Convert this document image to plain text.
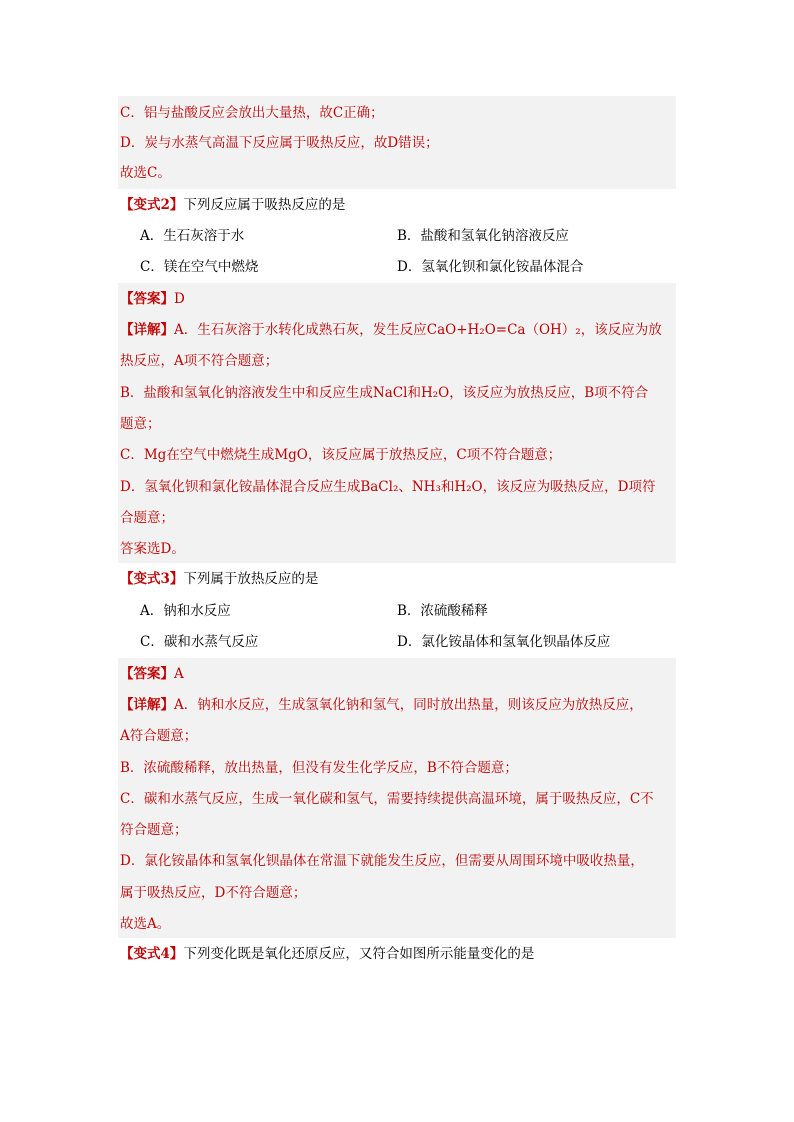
C．铝与盐酸反应会放出大量热，故C正确；
D．炭与水蒸气高温下反应属于吸热反应，故D错误；
故选C。
【变式2】下列反应属于吸热反应的是
A．生石灰溶于水	B．盐酸和氢氧化钠溶液反应
C．镁在空气中燃烧	D．氢氧化钡和氯化铵晶体混合
【答案】D
【详解】A．生石灰溶于水转化成熟石灰，发生反应CaO+H₂O=Ca（OH）₂，该反应为放
热反应，A项不符合题意；
B．盐酸和氢氧化钠溶液发生中和反应生成NaCl和H₂O，该反应为放热反应，B项不符合
题意；
C．Mg在空气中燃烧生成MgO，该反应属于放热反应，C项不符合题意；
D．氢氧化钡和氯化铵晶体混合反应生成BaCl₂、NH₃和H₂O，该反应为吸热反应，D项符
合题意；
答案选D。
【变式3】下列属于放热反应的是
A．钠和水反应	B．浓硫酸稀释
C．碳和水蒸气反应	D．氯化铵晶体和氢氧化钡晶体反应
【答案】A
【详解】A．钠和水反应，生成氢氧化钠和氢气，同时放出热量，则该反应为放热反应，
A符合题意；
B．浓硫酸稀释，放出热量，但没有发生化学反应，B不符合题意；
C．碳和水蒸气反应，生成一氧化碳和氢气，需要持续提供高温环境，属于吸热反应，C不
符合题意；
D．氯化铵晶体和氢氧化钡晶体在常温下就能发生反应，但需要从周围环境中吸收热量，
属于吸热反应，D不符合题意；
故选A。
【变式4】下列变化既是氧化还原反应，又符合如图所示能量变化的是
